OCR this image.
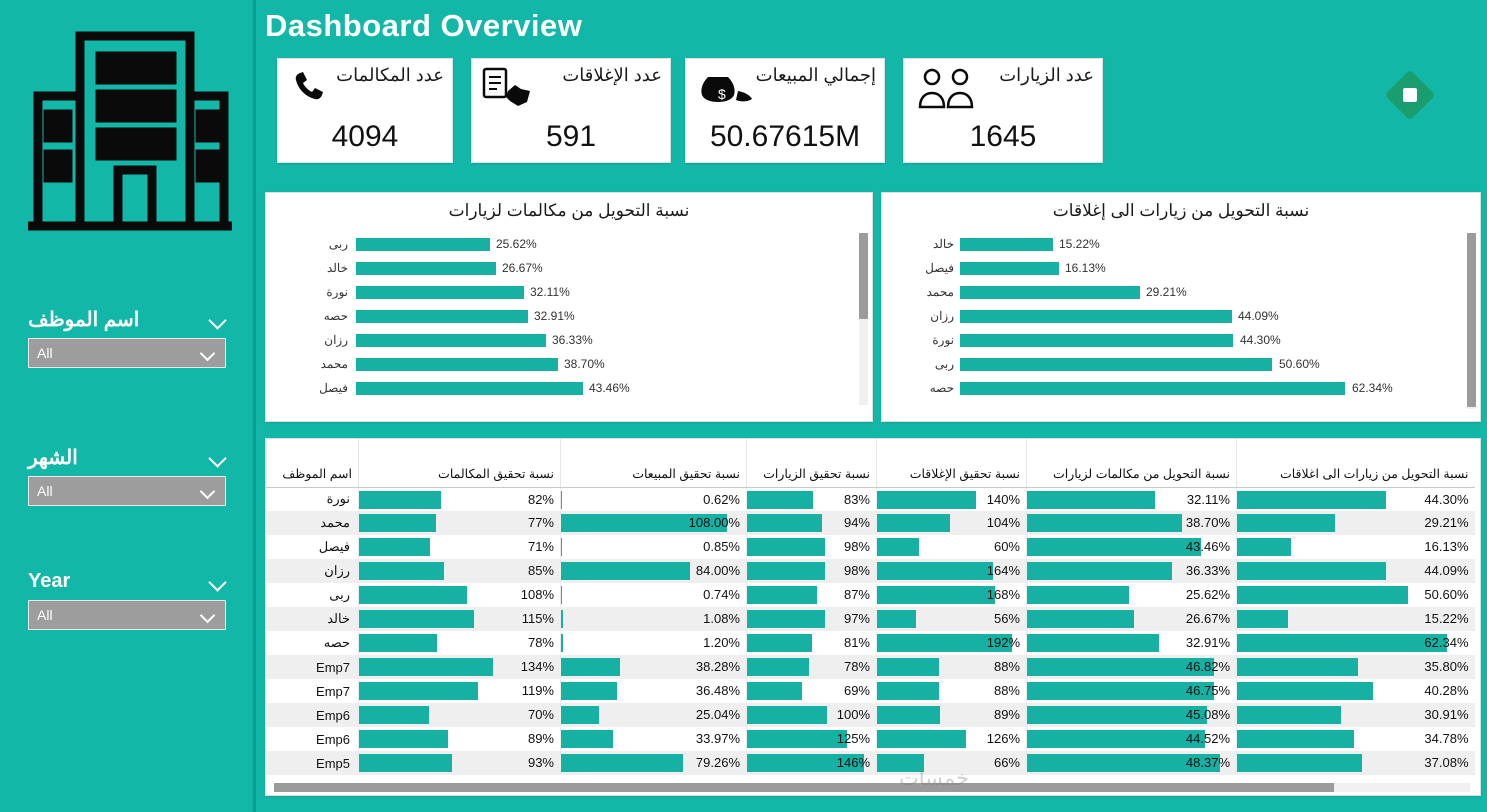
اسم الموظف
All
الشهر
All
Year
All
Dashboard Overview
عدد المكالمات
4094
عدد الإغلاقات
591
إجمالي المبيعات
$
50.67615M
عدد الزيارات
1645
نسبة التحويل من مكالمات لزيارات
ربى	25.62%
خالد	26.67%
نورة	32.11%
حصه	32.91%
رزان	36.33%
محمد	38.70%
فيصل	43.46%
نسبة التحويل من زيارات الى إغلاقات
خالد	15.22%
فيصل	16.13%
محمد	29.21%
رزان	44.09%
نورة	44.30%
ربى	50.60%
حصه	62.34%
اسم الموظف	نسبة تحقيق المكالمات	نسبة تحقيق المبيعات	نسبة تحقيق الزيارات	نسبة تحقيق الإغلاقات	نسبة التحويل من مكالمات لزيارات	نسبة التحويل من زيارات الى اغلاقات
نورة	82%	0.62%	83%	140%	32.11%	44.30%

محمد	77%	108.00%	94%	104%	38.70%	29.21%

فيصل	71%	0.85%	98%	60%	43.46%	16.13%

رزان	85%	84.00%	98%	164%	36.33%	44.09%

ربى	108%	0.74%	87%	168%	25.62%	50.60%

خالد	115%	1.08%	97%	56%	26.67%	15.22%

حصه	78%	1.20%	81%	192%	32.91%	62.34%

Emp7	134%	38.28%	78%	88%	46.82%	35.80%

Emp7	119%	36.48%	69%	88%	46.75%	40.28%

Emp6	70%	25.04%	100%	89%	45.08%	30.91%

Emp6	89%	33.97%	125%	126%	44.52%	34.78%

Emp5	93%	79.26%	146%	66%	48.37%	37.08%
خمسات
